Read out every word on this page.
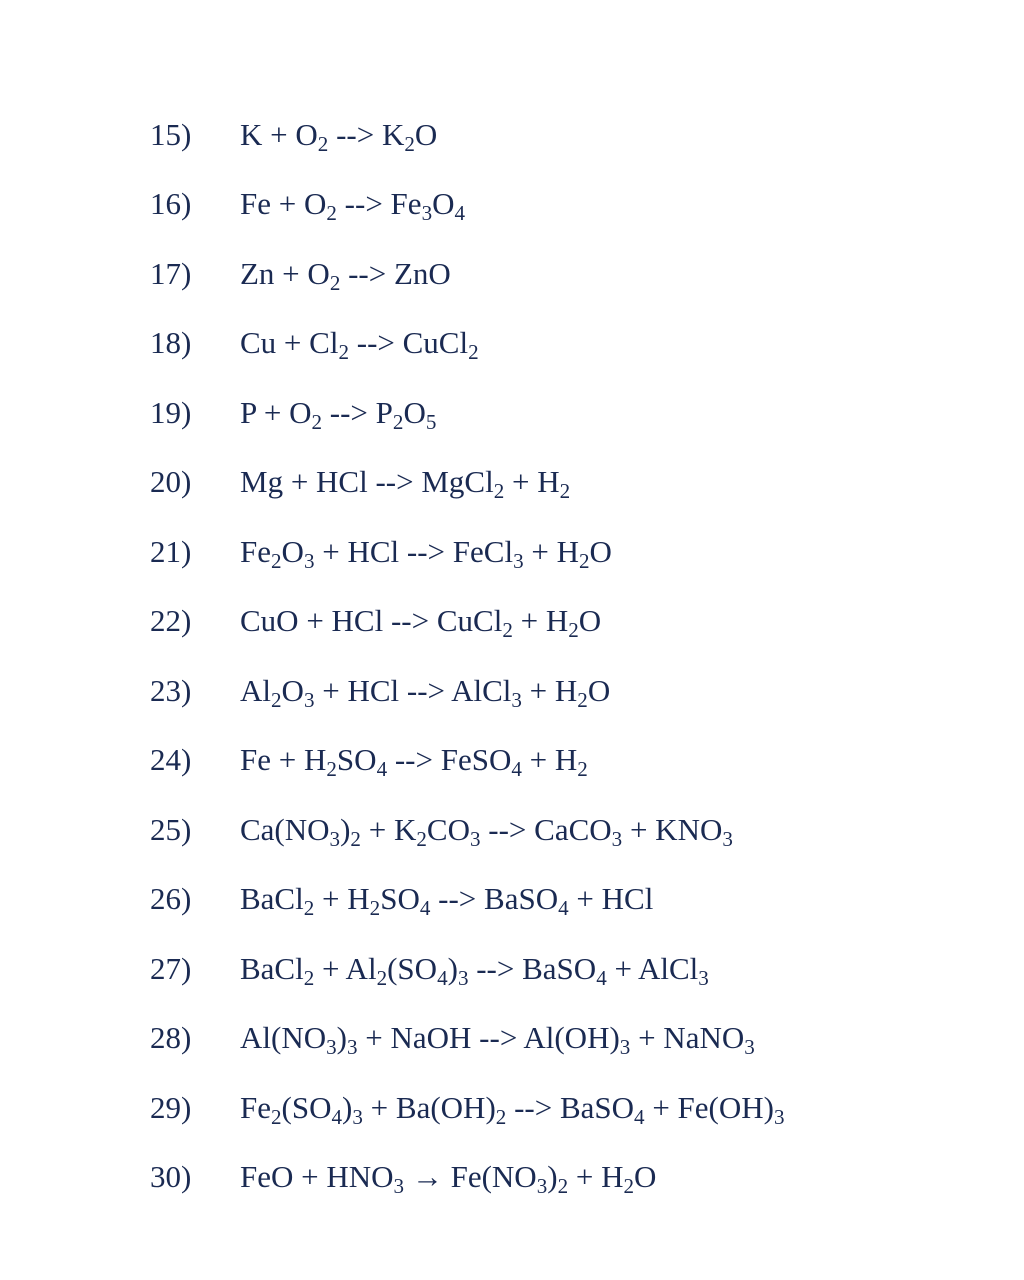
15)	$K + O_2$ --> $K_2O$
16)	$Fe + O_2$ --> $Fe_3O_4$
17)	$Zn + O_2$ --> ZnO
18)	$Cu + Cl_2$ --> CuCl$_2$
19)	$P + O_2$ --> $P_2O_5$
20)	Mg + HCl --> MgCl$_2$ + $H_2$
21)	$Fe_2O_3$ + HCl --> FeCl$_3$ + $H_2O$
22)	CuO + HCl --> CuCl$_2$ + $H_2O$
23)	$Al_2O_3$ + HCl --> AlCl$_3$ + $H_2O$
24)	$Fe + H_2SO_4$ --> FeSO$_4$ + $H_2$
25)	$Ca(NO_3)_2 + K_2CO_3$ --> CaCO$_3$ + $KNO_3$
26)	BaCl$_2$ + $H_2SO_4$ --> BaSO$_4$ + HCl
27)	BaCl$_2$ + $Al_2(SO_4)_3$ --> BaSO$_4$ + AlCl$_3$
28)	$Al(NO_3)_3$ + NaOH --> $Al(OH)_3$ + NaNO$_3$
29)	$Fe_2(SO_4)_3 + Ba(OH)_2$ --> BaSO$_4$ + $Fe(OH)_3$
30)	FeO + $HNO_3 \to Fe(NO_3)_2 + H_2O$
